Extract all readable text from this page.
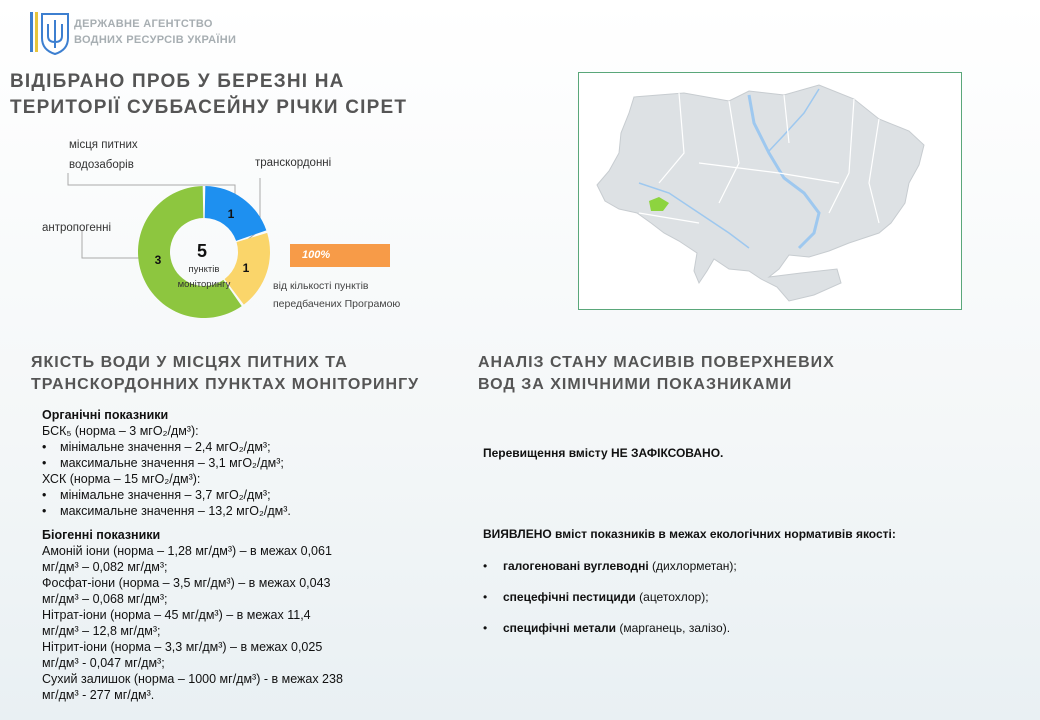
ДЕРЖАВНЕ АГЕНТСТВО
ВОДНИХ РЕСУРСІВ УКРАЇНИ
ВІДІБРАНО ПРОБ У БЕРЕЗНІ НА
ТЕРИТОРІЇ СУББАСЕЙНУ РІЧКИ СІРЕТ
місця питних
водозаборів	транскордонні
антропогенні
5
пунктів
моніторингу
1
1
3	100%
від кількості пунктів
передбачених Програмою
ЯКІСТЬ ВОДИ У МІСЦЯХ ПИТНИХ ТА
ТРАНСКОРДОННИХ ПУНКТАХ МОНІТОРИНГУ
Органічні показники
БСК₅ (норма – 3 мгО₂/дм³):
• мінімальне значення – 2,4 мгО₂/дм³;
• максимальне значення – 3,1 мгО₂/дм³;
ХСК (норма – 15 мгО₂/дм³):
• мінімальне значення – 3,7 мгО₂/дм³;
• максимальне значення – 13,2 мгО₂/дм³.
Біогенні показники
Амоній іони (норма – 1,28 мг/дм³) – в межах 0,061
мг/дм³ – 0,082 мг/дм³;
Фосфат-іони (норма – 3,5 мг/дм³) – в межах 0,043
мг/дм³ – 0,068 мг/дм³;
Нітрат-іони (норма – 45 мг/дм³) – в межах 11,4
мг/дм³ – 12,8 мг/дм³;
Нітрит-іони (норма – 3,3 мг/дм³) – в межах 0,025
мг/дм³ - 0,047 мг/дм³;
Сухий залишок (норма – 1000 мг/дм³) - в межах 238
мг/дм³ - 277 мг/дм³.
АНАЛІЗ СТАНУ МАСИВІВ ПОВЕРХНЕВИХ
ВОД ЗА ХІМІЧНИМИ ПОКАЗНИКАМИ
Перевищення вмісту НЕ ЗАФІКСОВАНО.
ВИЯВЛЕНО вміст показників в межах екологічних нормативів якості:
• галогеновані вуглеводні (дихлорметан);
• спецефічні пестициди (ацетохлор);
• специфічні метали (марганець, залізо).
